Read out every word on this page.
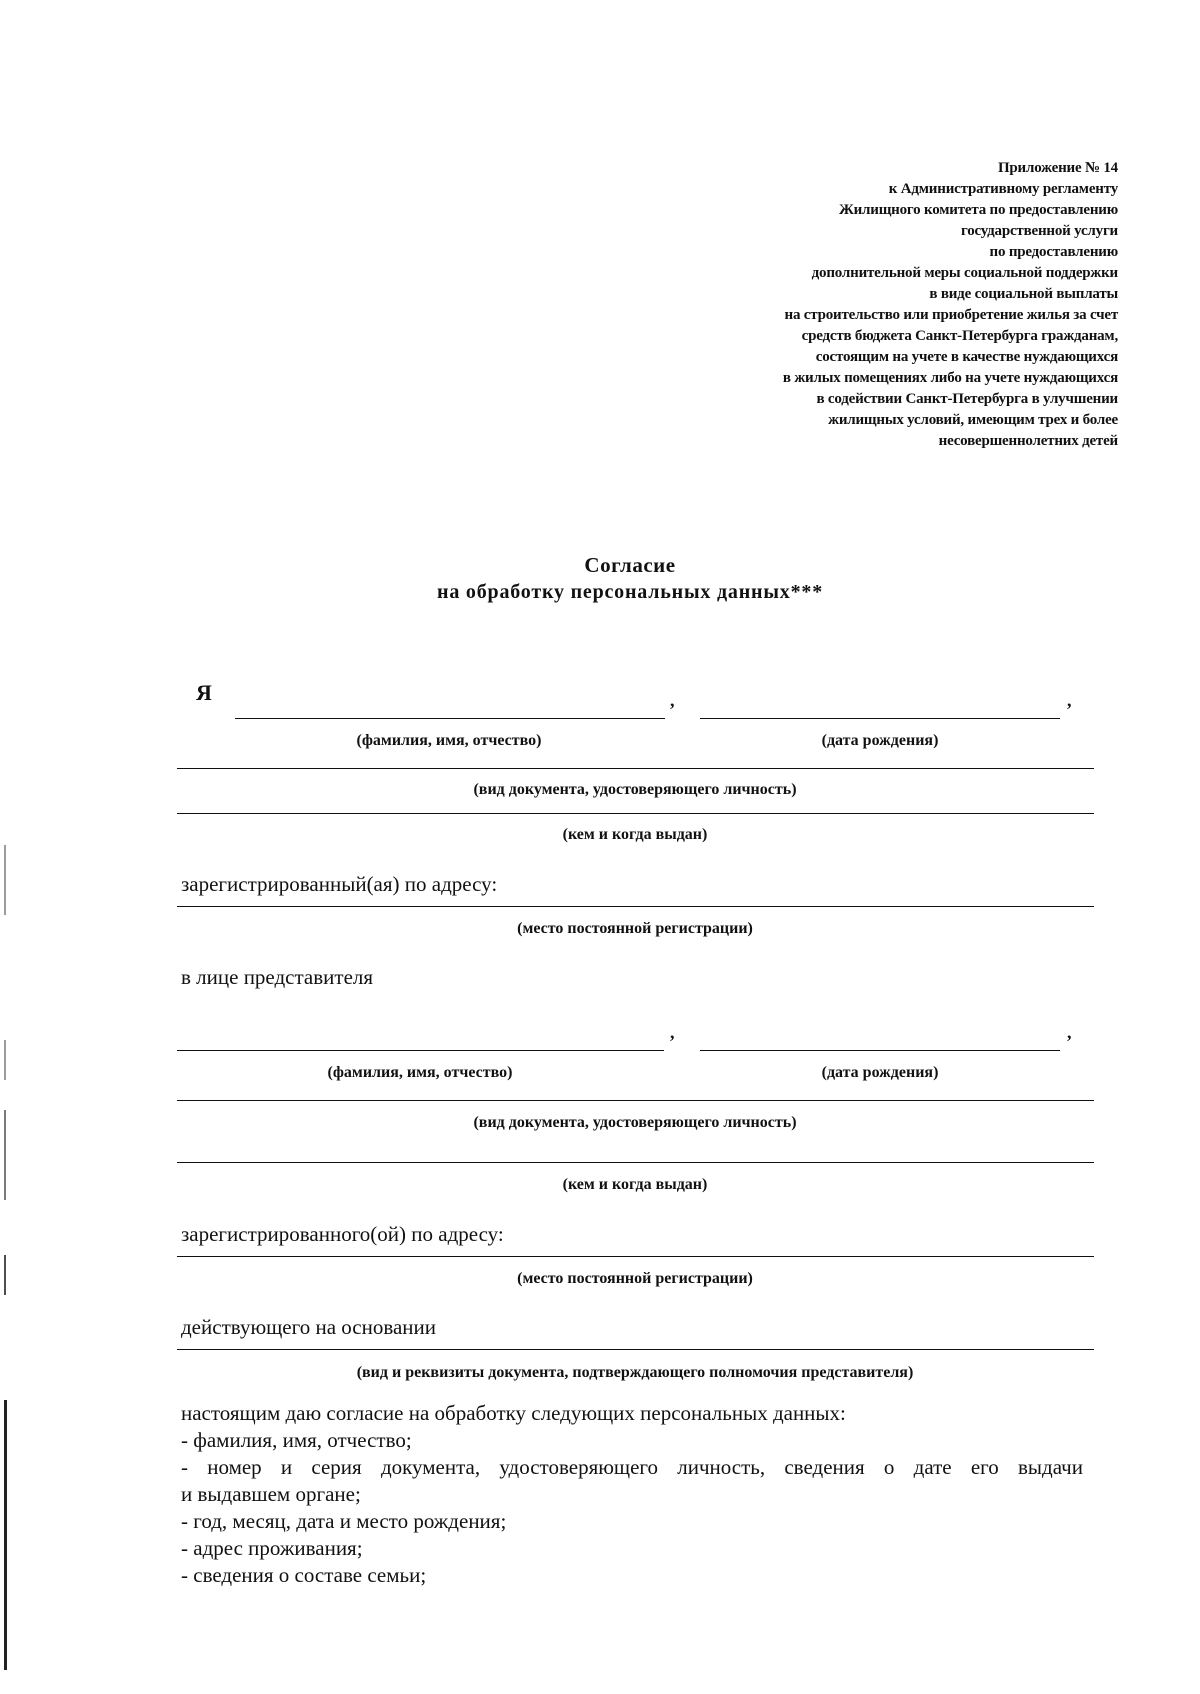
Приложение № 14
к Административному регламенту
Жилищного комитета по предоставлению
государственной услуги
по предоставлению
дополнительной меры социальной поддержки
в виде социальной выплаты
на строительство или приобретение жилья за счет
средств бюджета Санкт-Петербурга гражданам,
состоящим на учете в качестве нуждающихся
в жилых помещениях либо на учете нуждающихся
в содействии Санкт-Петербурга в улучшении
жилищных условий, имеющим трех и более
несовершеннолетних детей
Согласие
на обработку персональных данных***
Я	,	,
(фамилия, имя, отчество)	(дата рождения)
(вид документа, удостоверяющего личность)
(кем и когда выдан)
зарегистрированный(ая) по адресу:
(место постоянной регистрации)
в лице представителя
,	,
(фамилия, имя, отчество)	(дата рождения)
(вид документа, удостоверяющего личность)
(кем и когда выдан)
зарегистрированного(ой) по адресу:
(место постоянной регистрации)
действующего на основании
(вид и реквизиты документа, подтверждающего полномочия представителя)
настоящим даю согласие на обработку следующих персональных данных:
- фамилия, имя, отчество;
- номер и серия документа, удостоверяющего личность, сведения о дате его выдачи
и выдавшем органе;
- год, месяц, дата и место рождения;
- адрес проживания;
- сведения о составе семьи;
